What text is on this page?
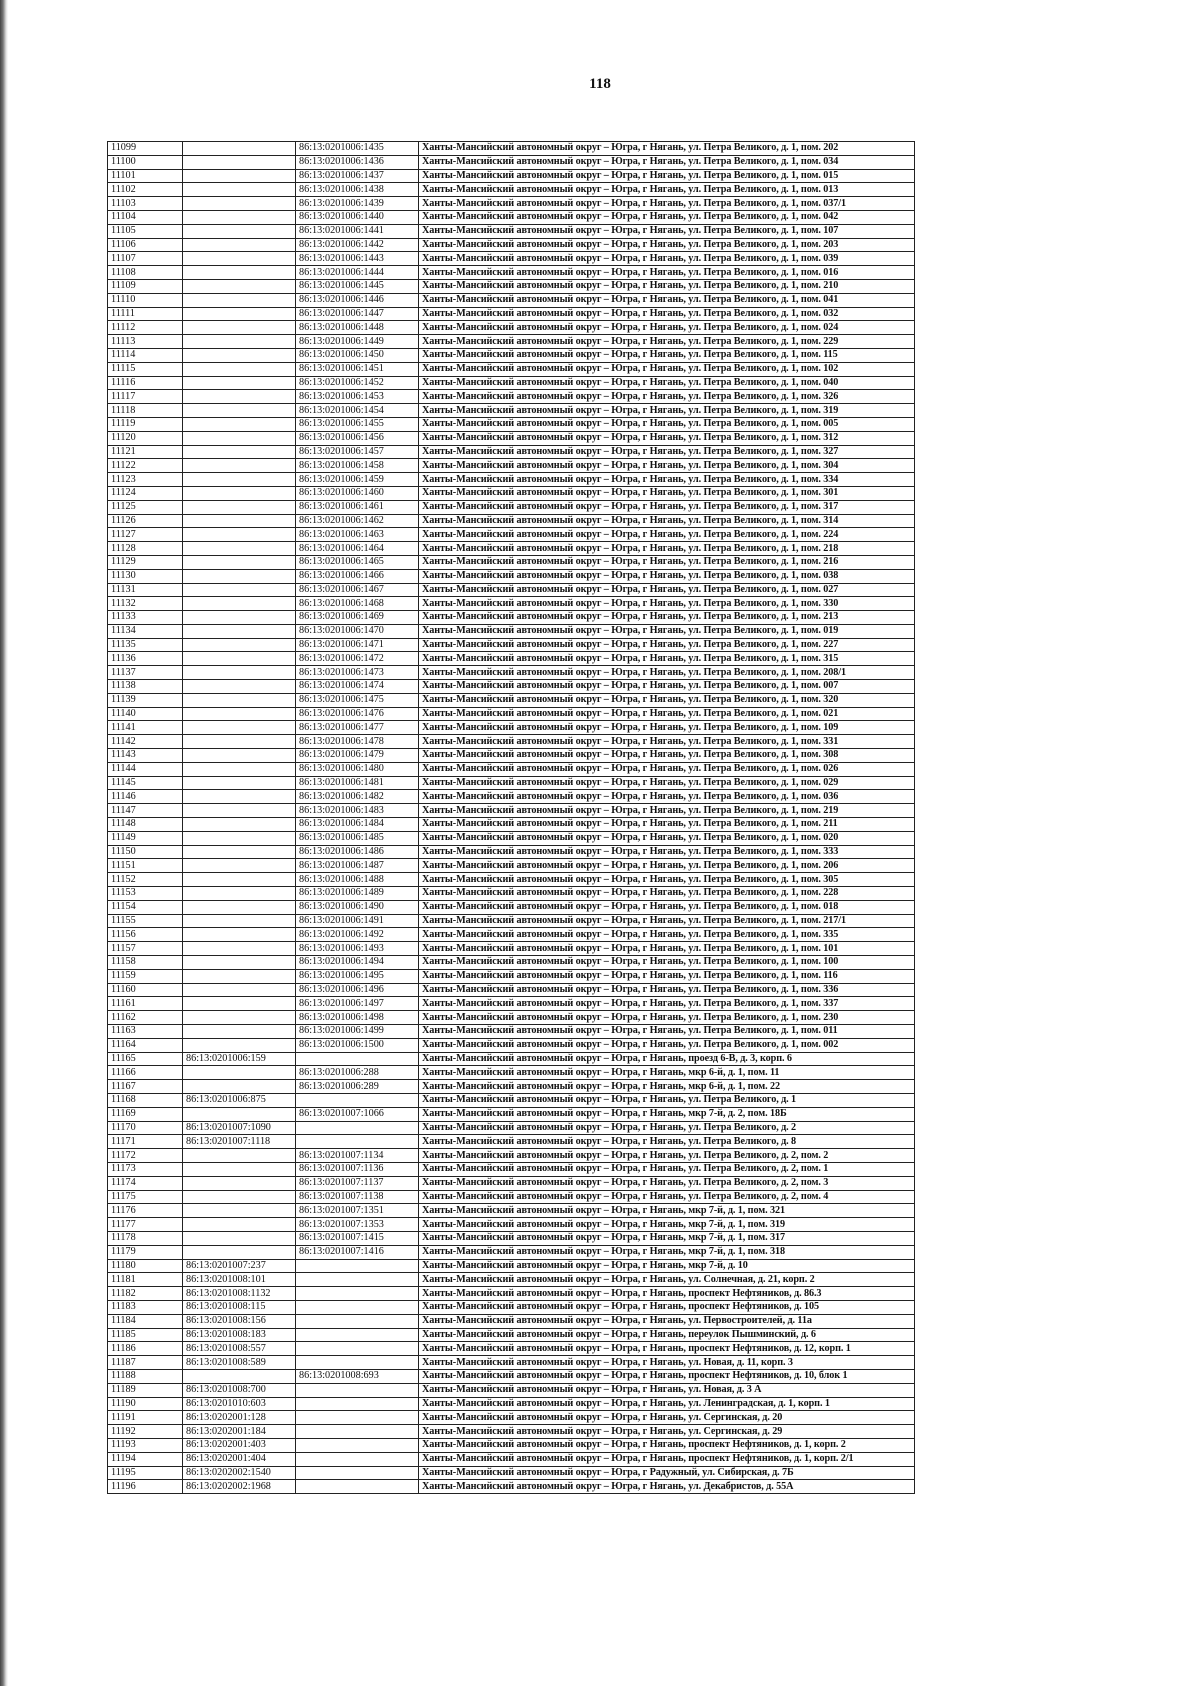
118
11099		86:13:0201006:1435	Ханты-Мансийский автономный округ – Югра, г Нягань, ул. Петра Великого, д. 1, пом. 202
11100		86:13:0201006:1436	Ханты-Мансийский автономный округ – Югра, г Нягань, ул. Петра Великого, д. 1, пом. 034
11101		86:13:0201006:1437	Ханты-Мансийский автономный округ – Югра, г Нягань, ул. Петра Великого, д. 1, пом. 015
11102		86:13:0201006:1438	Ханты-Мансийский автономный округ – Югра, г Нягань, ул. Петра Великого, д. 1, пом. 013
11103		86:13:0201006:1439	Ханты-Мансийский автономный округ – Югра, г Нягань, ул. Петра Великого, д. 1, пом. 037/1
11104		86:13:0201006:1440	Ханты-Мансийский автономный округ – Югра, г Нягань, ул. Петра Великого, д. 1, пом. 042
11105		86:13:0201006:1441	Ханты-Мансийский автономный округ – Югра, г Нягань, ул. Петра Великого, д. 1, пом. 107
11106		86:13:0201006:1442	Ханты-Мансийский автономный округ – Югра, г Нягань, ул. Петра Великого, д. 1, пом. 203
11107		86:13:0201006:1443	Ханты-Мансийский автономный округ – Югра, г Нягань, ул. Петра Великого, д. 1, пом. 039
11108		86:13:0201006:1444	Ханты-Мансийский автономный округ – Югра, г Нягань, ул. Петра Великого, д. 1, пом. 016
11109		86:13:0201006:1445	Ханты-Мансийский автономный округ – Югра, г Нягань, ул. Петра Великого, д. 1, пом. 210
11110		86:13:0201006:1446	Ханты-Мансийский автономный округ – Югра, г Нягань, ул. Петра Великого, д. 1, пом. 041
11111		86:13:0201006:1447	Ханты-Мансийский автономный округ – Югра, г Нягань, ул. Петра Великого, д. 1, пом. 032
11112		86:13:0201006:1448	Ханты-Мансийский автономный округ – Югра, г Нягань, ул. Петра Великого, д. 1, пом. 024
11113		86:13:0201006:1449	Ханты-Мансийский автономный округ – Югра, г Нягань, ул. Петра Великого, д. 1, пом. 229
11114		86:13:0201006:1450	Ханты-Мансийский автономный округ – Югра, г Нягань, ул. Петра Великого, д. 1, пом. 115
11115		86:13:0201006:1451	Ханты-Мансийский автономный округ – Югра, г Нягань, ул. Петра Великого, д. 1, пом. 102
11116		86:13:0201006:1452	Ханты-Мансийский автономный округ – Югра, г Нягань, ул. Петра Великого, д. 1, пом. 040
11117		86:13:0201006:1453	Ханты-Мансийский автономный округ – Югра, г Нягань, ул. Петра Великого, д. 1, пом. 326
11118		86:13:0201006:1454	Ханты-Мансийский автономный округ – Югра, г Нягань, ул. Петра Великого, д. 1, пом. 319
11119		86:13:0201006:1455	Ханты-Мансийский автономный округ – Югра, г Нягань, ул. Петра Великого, д. 1, пом. 005
11120		86:13:0201006:1456	Ханты-Мансийский автономный округ – Югра, г Нягань, ул. Петра Великого, д. 1, пом. 312
11121		86:13:0201006:1457	Ханты-Мансийский автономный округ – Югра, г Нягань, ул. Петра Великого, д. 1, пом. 327
11122		86:13:0201006:1458	Ханты-Мансийский автономный округ – Югра, г Нягань, ул. Петра Великого, д. 1, пом. 304
11123		86:13:0201006:1459	Ханты-Мансийский автономный округ – Югра, г Нягань, ул. Петра Великого, д. 1, пом. 334
11124		86:13:0201006:1460	Ханты-Мансийский автономный округ – Югра, г Нягань, ул. Петра Великого, д. 1, пом. 301
11125		86:13:0201006:1461	Ханты-Мансийский автономный округ – Югра, г Нягань, ул. Петра Великого, д. 1, пом. 317
11126		86:13:0201006:1462	Ханты-Мансийский автономный округ – Югра, г Нягань, ул. Петра Великого, д. 1, пом. 314
11127		86:13:0201006:1463	Ханты-Мансийский автономный округ – Югра, г Нягань, ул. Петра Великого, д. 1, пом. 224
11128		86:13:0201006:1464	Ханты-Мансийский автономный округ – Югра, г Нягань, ул. Петра Великого, д. 1, пом. 218
11129		86:13:0201006:1465	Ханты-Мансийский автономный округ – Югра, г Нягань, ул. Петра Великого, д. 1, пом. 216
11130		86:13:0201006:1466	Ханты-Мансийский автономный округ – Югра, г Нягань, ул. Петра Великого, д. 1, пом. 038
11131		86:13:0201006:1467	Ханты-Мансийский автономный округ – Югра, г Нягань, ул. Петра Великого, д. 1, пом. 027
11132		86:13:0201006:1468	Ханты-Мансийский автономный округ – Югра, г Нягань, ул. Петра Великого, д. 1, пом. 330
11133		86:13:0201006:1469	Ханты-Мансийский автономный округ – Югра, г Нягань, ул. Петра Великого, д. 1, пом. 213
11134		86:13:0201006:1470	Ханты-Мансийский автономный округ – Югра, г Нягань, ул. Петра Великого, д. 1, пом. 019
11135		86:13:0201006:1471	Ханты-Мансийский автономный округ – Югра, г Нягань, ул. Петра Великого, д. 1, пом. 227
11136		86:13:0201006:1472	Ханты-Мансийский автономный округ – Югра, г Нягань, ул. Петра Великого, д. 1, пом. 315
11137		86:13:0201006:1473	Ханты-Мансийский автономный округ – Югра, г Нягань, ул. Петра Великого, д. 1, пом. 208/1
11138		86:13:0201006:1474	Ханты-Мансийский автономный округ – Югра, г Нягань, ул. Петра Великого, д. 1, пом. 007
11139		86:13:0201006:1475	Ханты-Мансийский автономный округ – Югра, г Нягань, ул. Петра Великого, д. 1, пом. 320
11140		86:13:0201006:1476	Ханты-Мансийский автономный округ – Югра, г Нягань, ул. Петра Великого, д. 1, пом. 021
11141		86:13:0201006:1477	Ханты-Мансийский автономный округ – Югра, г Нягань, ул. Петра Великого, д. 1, пом. 109
11142		86:13:0201006:1478	Ханты-Мансийский автономный округ – Югра, г Нягань, ул. Петра Великого, д. 1, пом. 331
11143		86:13:0201006:1479	Ханты-Мансийский автономный округ – Югра, г Нягань, ул. Петра Великого, д. 1, пом. 308
11144		86:13:0201006:1480	Ханты-Мансийский автономный округ – Югра, г Нягань, ул. Петра Великого, д. 1, пом. 026
11145		86:13:0201006:1481	Ханты-Мансийский автономный округ – Югра, г Нягань, ул. Петра Великого, д. 1, пом. 029
11146		86:13:0201006:1482	Ханты-Мансийский автономный округ – Югра, г Нягань, ул. Петра Великого, д. 1, пом. 036
11147		86:13:0201006:1483	Ханты-Мансийский автономный округ – Югра, г Нягань, ул. Петра Великого, д. 1, пом. 219
11148		86:13:0201006:1484	Ханты-Мансийский автономный округ – Югра, г Нягань, ул. Петра Великого, д. 1, пом. 211
11149		86:13:0201006:1485	Ханты-Мансийский автономный округ – Югра, г Нягань, ул. Петра Великого, д. 1, пом. 020
11150		86:13:0201006:1486	Ханты-Мансийский автономный округ – Югра, г Нягань, ул. Петра Великого, д. 1, пом. 333
11151		86:13:0201006:1487	Ханты-Мансийский автономный округ – Югра, г Нягань, ул. Петра Великого, д. 1, пом. 206
11152		86:13:0201006:1488	Ханты-Мансийский автономный округ – Югра, г Нягань, ул. Петра Великого, д. 1, пом. 305
11153		86:13:0201006:1489	Ханты-Мансийский автономный округ – Югра, г Нягань, ул. Петра Великого, д. 1, пом. 228
11154		86:13:0201006:1490	Ханты-Мансийский автономный округ – Югра, г Нягань, ул. Петра Великого, д. 1, пом. 018
11155		86:13:0201006:1491	Ханты-Мансийский автономный округ – Югра, г Нягань, ул. Петра Великого, д. 1, пом. 217/1
11156		86:13:0201006:1492	Ханты-Мансийский автономный округ – Югра, г Нягань, ул. Петра Великого, д. 1, пом. 335
11157		86:13:0201006:1493	Ханты-Мансийский автономный округ – Югра, г Нягань, ул. Петра Великого, д. 1, пом. 101
11158		86:13:0201006:1494	Ханты-Мансийский автономный округ – Югра, г Нягань, ул. Петра Великого, д. 1, пом. 100
11159		86:13:0201006:1495	Ханты-Мансийский автономный округ – Югра, г Нягань, ул. Петра Великого, д. 1, пом. 116
11160		86:13:0201006:1496	Ханты-Мансийский автономный округ – Югра, г Нягань, ул. Петра Великого, д. 1, пом. 336
11161		86:13:0201006:1497	Ханты-Мансийский автономный округ – Югра, г Нягань, ул. Петра Великого, д. 1, пом. 337
11162		86:13:0201006:1498	Ханты-Мансийский автономный округ – Югра, г Нягань, ул. Петра Великого, д. 1, пом. 230
11163		86:13:0201006:1499	Ханты-Мансийский автономный округ – Югра, г Нягань, ул. Петра Великого, д. 1, пом. 011
11164		86:13:0201006:1500	Ханты-Мансийский автономный округ – Югра, г Нягань, ул. Петра Великого, д. 1, пом. 002
11165	86:13:0201006:159		Ханты-Мансийский автономный округ – Югра, г Нягань, проезд 6-В, д. 3, корп. 6
11166		86:13:0201006:288	Ханты-Мансийский автономный округ – Югра, г Нягань, мкр 6-й, д. 1, пом. 11
11167		86:13:0201006:289	Ханты-Мансийский автономный округ – Югра, г Нягань, мкр 6-й, д. 1, пом. 22
11168	86:13:0201006:875		Ханты-Мансийский автономный округ – Югра, г Нягань, ул. Петра Великого, д. 1
11169		86:13:0201007:1066	Ханты-Мансийский автономный округ – Югра, г Нягань, мкр 7-й, д. 2, пом. 18Б
11170	86:13:0201007:1090		Ханты-Мансийский автономный округ – Югра, г Нягань, ул. Петра Великого, д. 2
11171	86:13:0201007:1118		Ханты-Мансийский автономный округ – Югра, г Нягань, ул. Петра Великого, д. 8
11172		86:13:0201007:1134	Ханты-Мансийский автономный округ – Югра, г Нягань, ул. Петра Великого, д. 2, пом. 2
11173		86:13:0201007:1136	Ханты-Мансийский автономный округ – Югра, г Нягань, ул. Петра Великого, д. 2, пом. 1
11174		86:13:0201007:1137	Ханты-Мансийский автономный округ – Югра, г Нягань, ул. Петра Великого, д. 2, пом. 3
11175		86:13:0201007:1138	Ханты-Мансийский автономный округ – Югра, г Нягань, ул. Петра Великого, д. 2, пом. 4
11176		86:13:0201007:1351	Ханты-Мансийский автономный округ – Югра, г Нягань, мкр 7-й, д. 1, пом. 321
11177		86:13:0201007:1353	Ханты-Мансийский автономный округ – Югра, г Нягань, мкр 7-й, д. 1, пом. 319
11178		86:13:0201007:1415	Ханты-Мансийский автономный округ – Югра, г Нягань, мкр 7-й, д. 1, пом. 317
11179		86:13:0201007:1416	Ханты-Мансийский автономный округ – Югра, г Нягань, мкр 7-й, д. 1, пом. 318
11180	86:13:0201007:237		Ханты-Мансийский автономный округ – Югра, г Нягань, мкр 7-й, д. 10
11181	86:13:0201008:101		Ханты-Мансийский автономный округ – Югра, г Нягань, ул. Солнечная, д. 21, корп. 2
11182	86:13:0201008:1132		Ханты-Мансийский автономный округ – Югра, г Нягань, проспект Нефтяников, д. 86.3
11183	86:13:0201008:115		Ханты-Мансийский автономный округ – Югра, г Нягань, проспект Нефтяников, д. 105
11184	86:13:0201008:156		Ханты-Мансийский автономный округ – Югра, г Нягань, ул. Первостроителей, д. 11а
11185	86:13:0201008:183		Ханты-Мансийский автономный округ – Югра, г Нягань, переулок Пышминский, д. 6
11186	86:13:0201008:557		Ханты-Мансийский автономный округ – Югра, г Нягань, проспект Нефтяников, д. 12, корп. 1
11187	86:13:0201008:589		Ханты-Мансийский автономный округ – Югра, г Нягань, ул. Новая, д. 11, корп. 3
11188		86:13:0201008:693	Ханты-Мансийский автономный округ – Югра, г Нягань, проспект Нефтяников, д. 10, блок 1
11189	86:13:0201008:700		Ханты-Мансийский автономный округ – Югра, г Нягань, ул. Новая, д. 3 А
11190	86:13:0201010:603		Ханты-Мансийский автономный округ – Югра, г Нягань, ул. Ленинградская, д. 1, корп. 1
11191	86:13:0202001:128		Ханты-Мансийский автономный округ – Югра, г Нягань, ул. Сергинская, д. 20
11192	86:13:0202001:184		Ханты-Мансийский автономный округ – Югра, г Нягань, ул. Сергинская, д. 29
11193	86:13:0202001:403		Ханты-Мансийский автономный округ – Югра, г Нягань, проспект Нефтяников, д. 1, корп. 2
11194	86:13:0202001:404		Ханты-Мансийский автономный округ – Югра, г Нягань, проспект Нефтяников, д. 1, корп. 2/1
11195	86:13:0202002:1540		Ханты-Мансийский автономный округ – Югра, г Радужный, ул. Сибирская, д. 7Б
11196	86:13:0202002:1968		Ханты-Мансийский автономный округ – Югра, г Нягань, ул. Декабристов, д. 55А
